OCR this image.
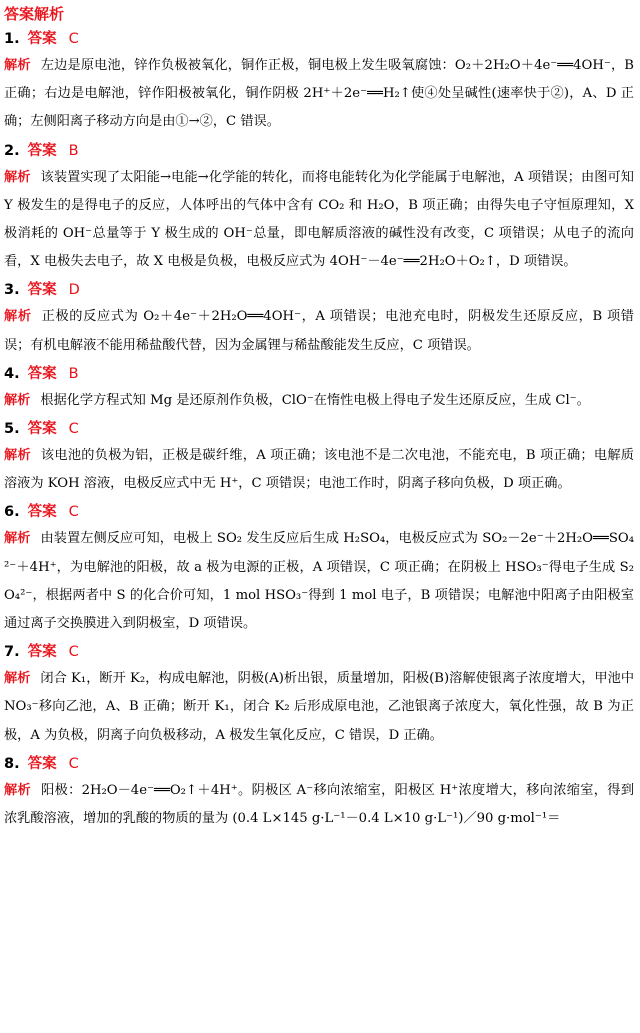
答案解析
1. 答案 C
解析 左边是原电池，锌作负极被氧化，铜作正极，铜电极上发生吸氧腐蚀：O₂＋2H₂O＋4e⁻══4OH⁻，B 正确；右边是电解池，锌作阳极被氧化，铜作阴极 2H⁺＋2e⁻══H₂↑使④处呈碱性(速率快于②)，A、D 正确；左侧阳离子移动方向是由①→②，C 错误。
2. 答案 B
解析 该装置实现了太阳能→电能→化学能的转化，而将电能转化为化学能属于电解池，A 项错误；由图可知 Y 极发生的是得电子的反应，人体呼出的气体中含有 CO₂ 和 H₂O，B 项正确；由得失电子守恒原理知，X 极消耗的 OH⁻总量等于 Y 极生成的 OH⁻总量，即电解质溶液的碱性没有改变，C 项错误；从电子的流向看，X 电极失去电子，故 X 电极是负极，电极反应式为 4OH⁻－4e⁻══2H₂O＋O₂↑，D 项错误。
3. 答案 D
解析 正极的反应式为 O₂＋4e⁻＋2H₂O══4OH⁻，A 项错误；电池充电时，阴极发生还原反应，B 项错误；有机电解液不能用稀盐酸代替，因为金属锂与稀盐酸能发生反应，C 项错误。
4. 答案 B
解析 根据化学方程式知 Mg 是还原剂作负极，ClO⁻在惰性电极上得电子发生还原反应，生成 Cl⁻。
5. 答案 C
解析 该电池的负极为铝，正极是碳纤维，A 项正确；该电池不是二次电池，不能充电，B 项正确；电解质溶液为 KOH 溶液，电极反应式中无 H⁺，C 项错误；电池工作时，阴离子移向负极，D 项正确。
6. 答案 C
解析 由装置左侧反应可知，电极上 SO₂ 发生反应后生成 H₂SO₄，电极反应式为 SO₂－2e⁻＋2H₂O══SO₄²⁻＋4H⁺，为电解池的阳极，故 a 极为电源的正极，A 项错误，C 项正确；在阴极上 HSO₃⁻得电子生成 S₂O₄²⁻，根据两者中 S 的化合价可知，1 mol HSO₃⁻得到 1 mol 电子，B 项错误；电解池中阳离子由阳极室通过离子交换膜进入到阴极室，D 项错误。
7. 答案 C
解析 闭合 K₁，断开 K₂，构成电解池，阴极(A)析出银，质量增加，阳极(B)溶解使银离子浓度增大，甲池中 NO₃⁻移向乙池，A、B 正确；断开 K₁，闭合 K₂ 后形成原电池，乙池银离子浓度大，氧化性强，故 B 为正极，A 为负极，阴离子向负极移动，A 极发生氧化反应，C 错误，D 正确。
8. 答案 C
解析 阳极：2H₂O－4e⁻══O₂↑＋4H⁺。阴极区 A⁻移向浓缩室，阳极区 H⁺浓度增大，移向浓缩室，得到浓乳酸溶液，增加的乳酸的物质的量为 (0.4 L×145 g·L⁻¹－0.4 L×10 g·L⁻¹)／90 g·mol⁻¹＝
